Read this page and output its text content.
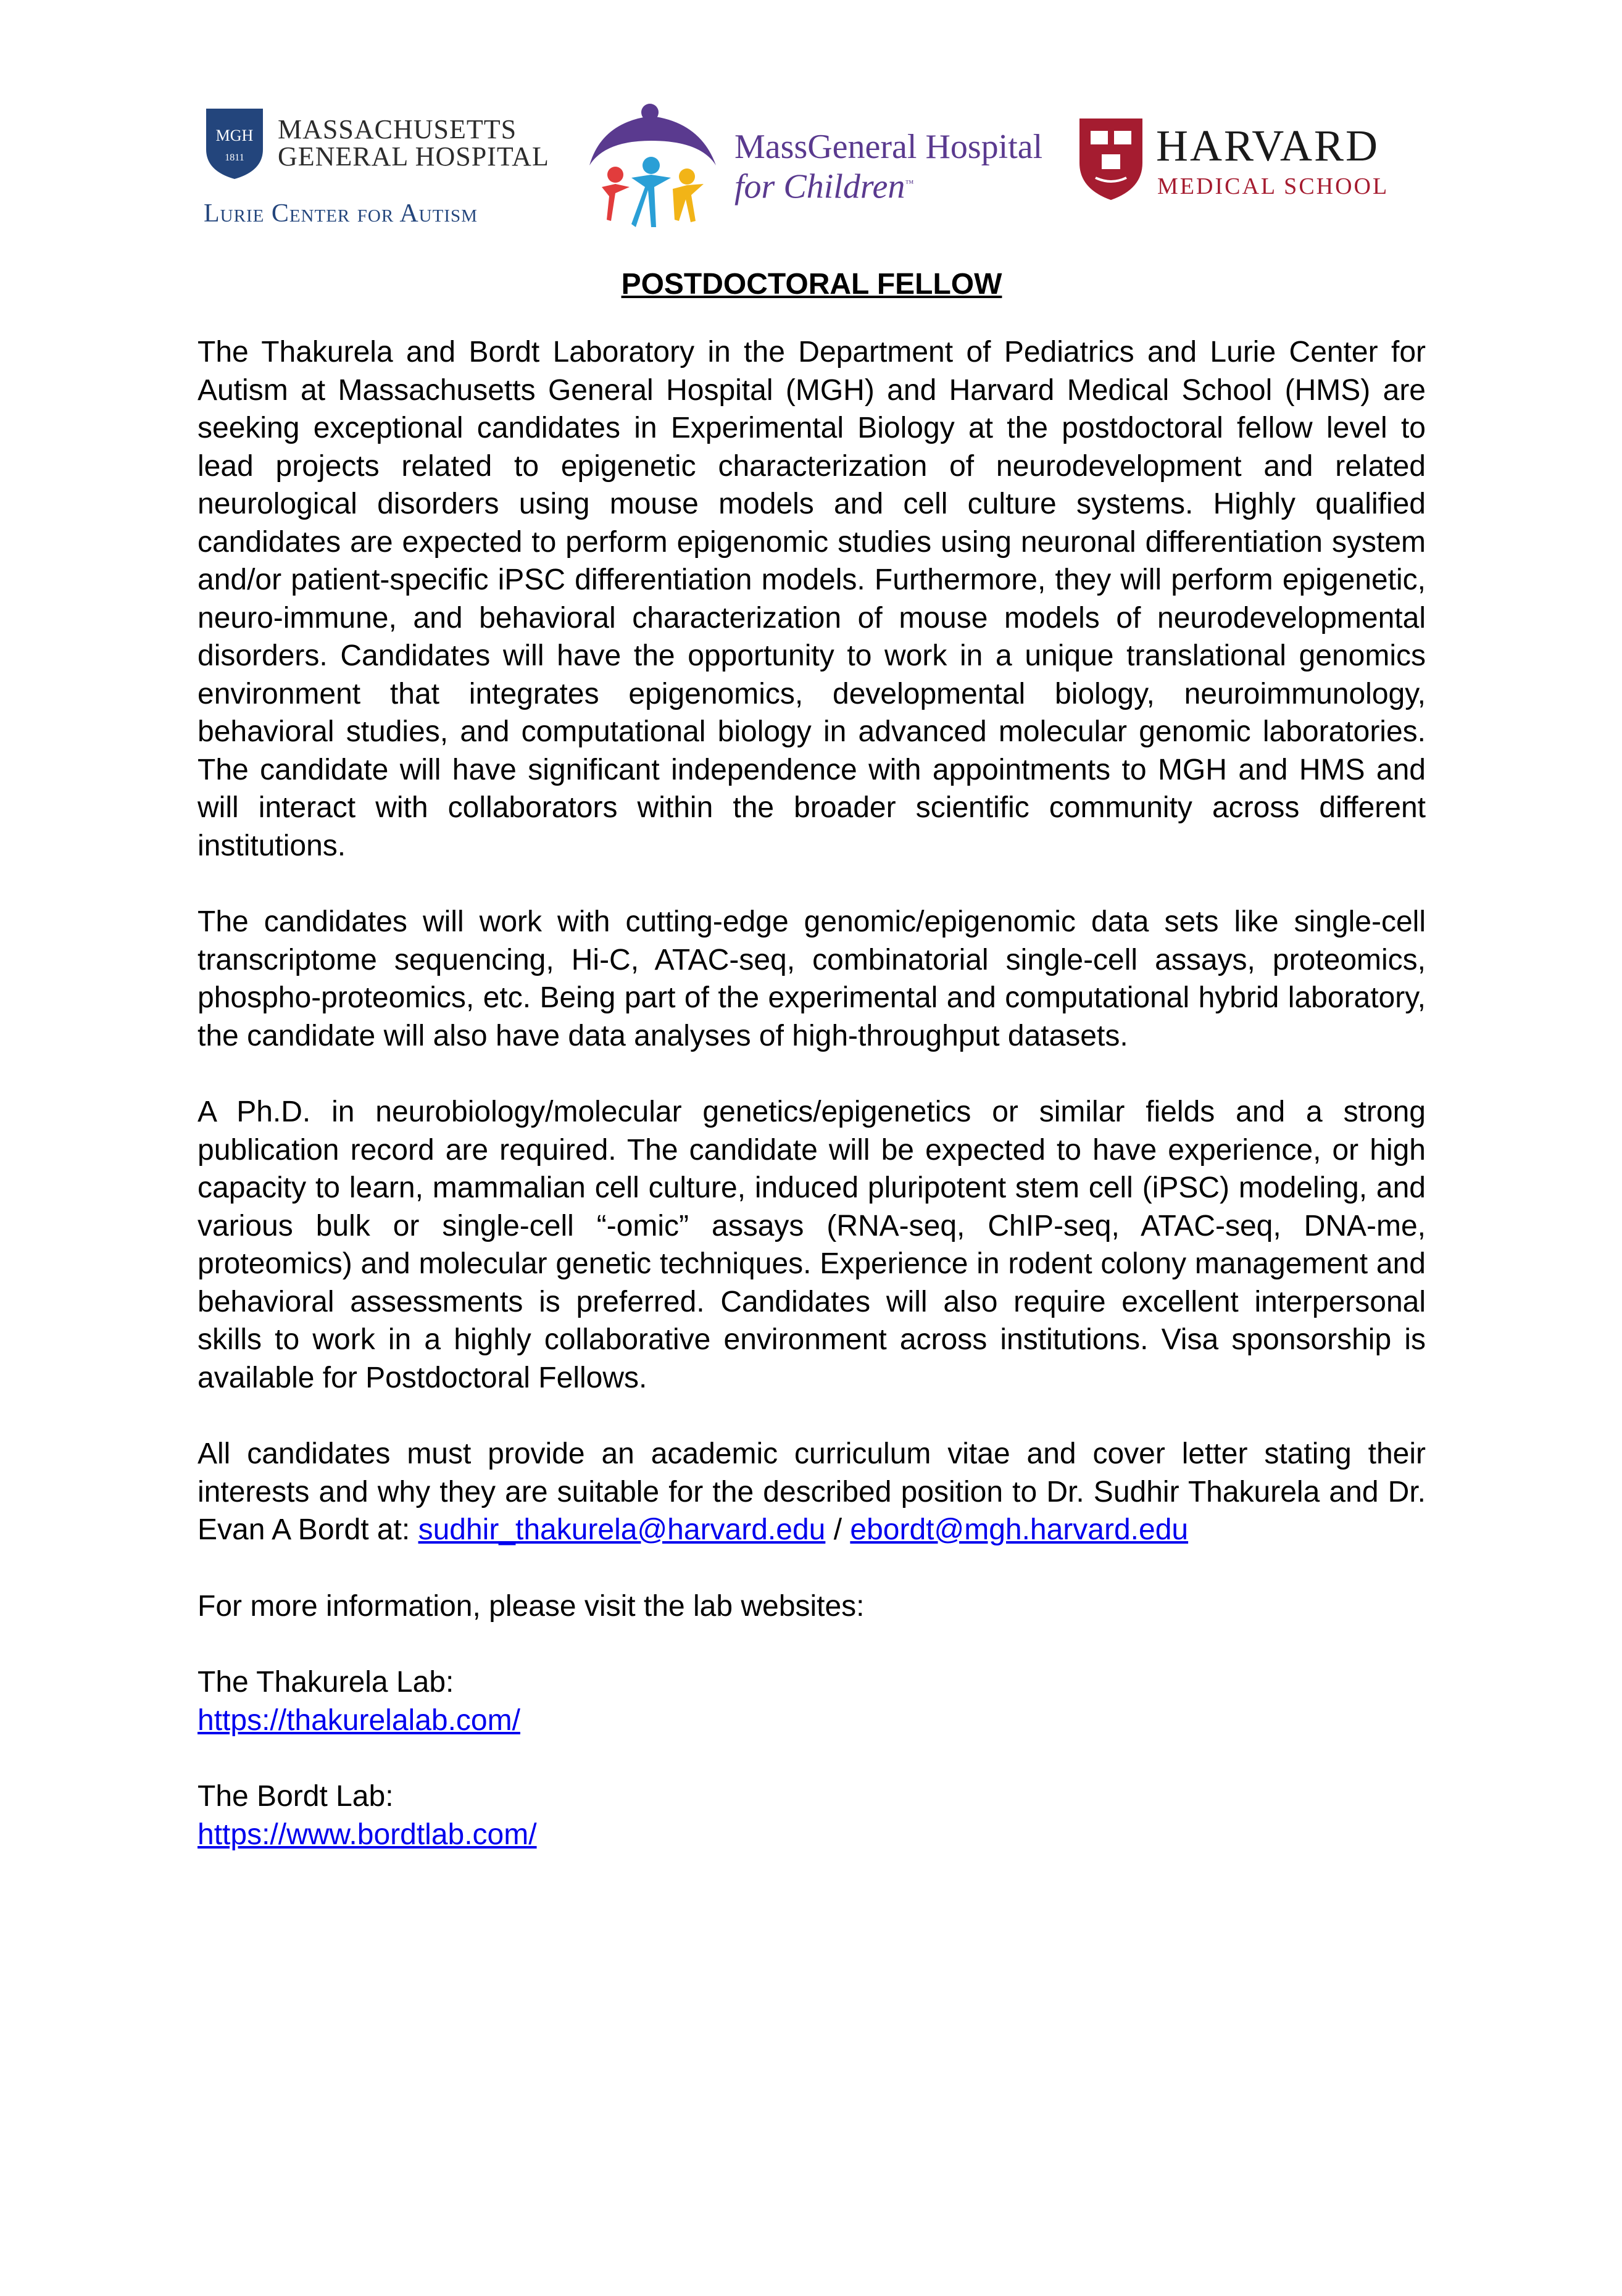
MGH
1811
MASSACHUSETTS
GENERAL HOSPITAL
Lurie Center for Autism
MassGeneral Hospital
for Children™
HARVARD
MEDICAL SCHOOL
POSTDOCTORAL FELLOW

The Thakurela and Bordt Laboratory in the Department of Pediatrics and Lurie Center for Autism at Massachusetts General Hospital (MGH) and Harvard Medical School (HMS) are seeking exceptional candidates in Experimental Biology at the postdoctoral fellow level to lead projects related to epigenetic characterization of neurodevelopment and related neurological disorders using mouse models and cell culture systems. Highly qualified candidates are expected to perform epigenomic studies using neuronal differentiation system and/or patient-specific iPSC differentiation models. Furthermore, they will perform epigenetic, neuro-immune, and behavioral characterization of mouse models of neurodevelopmental disorders. Candidates will have the opportunity to work in a unique translational genomics environment that integrates epigenomics, developmental biology, neuroimmunology, behavioral studies, and computational biology in advanced molecular genomic laboratories. The candidate will have significant independence with appointments to MGH and HMS and will interact with collaborators within the broader scientific community across different institutions.

The candidates will work with cutting-edge genomic/epigenomic data sets like single-cell transcriptome sequencing, Hi-C, ATAC-seq, combinatorial single-cell assays, proteomics, phospho-proteomics, etc. Being part of the experimental and computational hybrid laboratory, the candidate will also have data analyses of high-throughput datasets.

A Ph.D. in neurobiology/molecular genetics/epigenetics or similar fields and a strong publication record are required. The candidate will be expected to have experience, or high capacity to learn, mammalian cell culture, induced pluripotent stem cell (iPSC) modeling, and various bulk or single-cell “-omic” assays (RNA-seq, ChIP-seq, ATAC-seq, DNA-me, proteomics) and molecular genetic techniques. Experience in rodent colony management and behavioral assessments is preferred. Candidates will also require excellent interpersonal skills to work in a highly collaborative environment across institutions. Visa sponsorship is available for Postdoctoral Fellows.

All candidates must provide an academic curriculum vitae and cover letter stating their interests and why they are suitable for the described position to Dr. Sudhir Thakurela and Dr. Evan A Bordt at: sudhir_thakurela@harvard.edu / ebordt@mgh.harvard.edu

For more information, please visit the lab websites:

The Thakurela Lab:

https://thakurelalab.com/

The Bordt Lab:

https://www.bordtlab.com/
